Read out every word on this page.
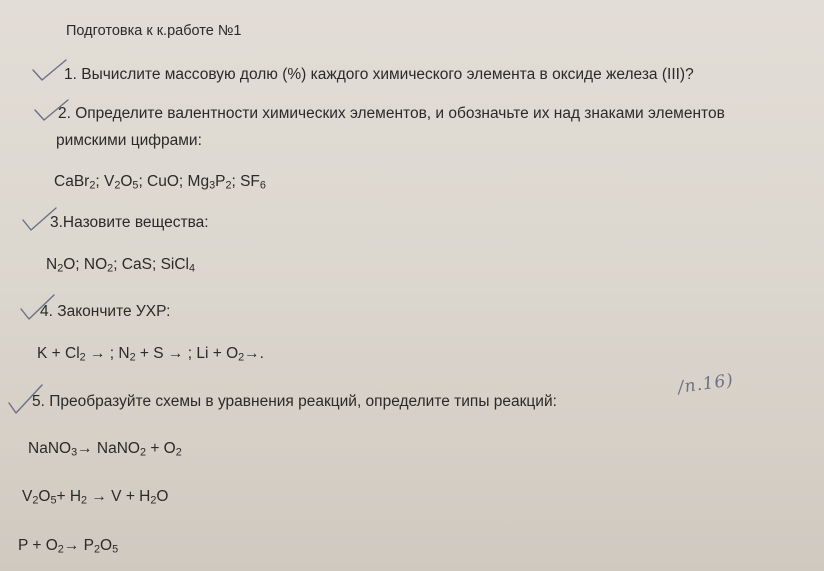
Подготовка к к.работе №1
1. Вычислите массовую долю (%) каждого химического элемента в оксиде железа (III)?
2. Определите валентности химических элементов, и обозначьте их над знаками элементов
римскими цифрами:
CaBr$_2$; $V_2O_5$; CuO; $Mg_3P_2$; $SF_6$
3.Назовите вещества:
$N_2O$; $NO_2$; CaS; SiCl$_4$
4. Закончите УХР:
$K + Cl_2$ → ; $N_2 + S$ → ; $Li + O_2\to$.
5. Преобразуйте схемы в уравнения реакций, определите типы реакций:
/п.16)
NaNO$_3$→ NaNO$_2$ + $O_2$
$V_2O_5+ H_2 \to V + H_2O$
$P + O_2\to P_2O_5$
